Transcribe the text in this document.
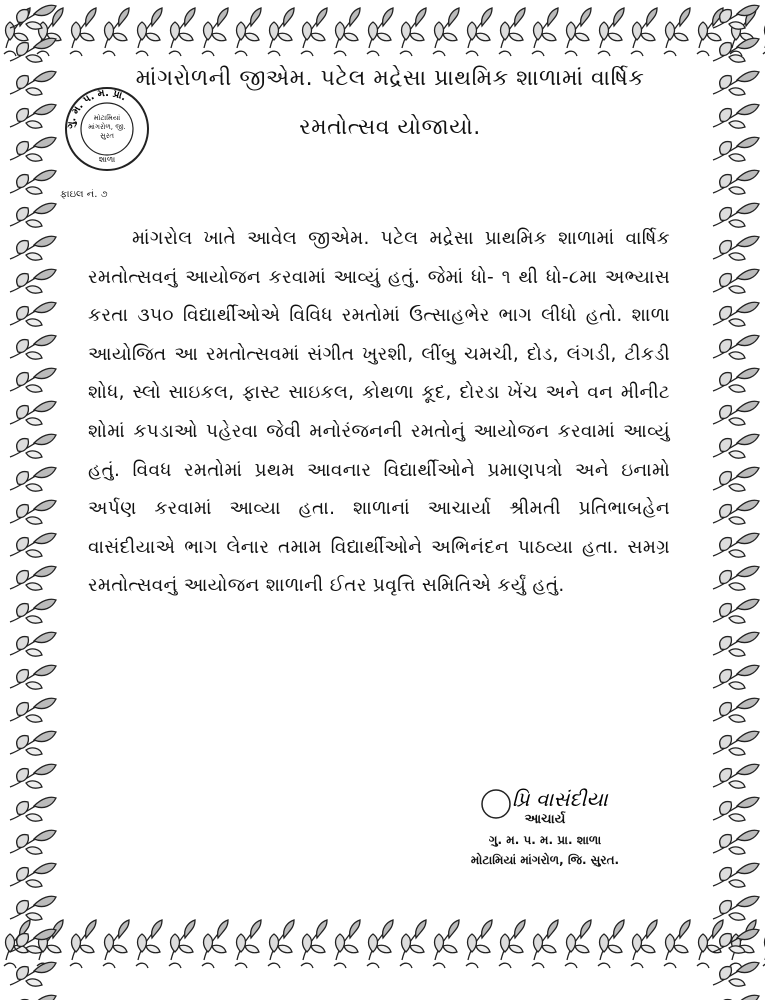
ગુ. મ. પ. મ. પ્રા.
શાળા
મોટામિયાં માંગરોળ, જી. સુરત
ફાઇલ નં. ૭
માંગરોળની જીએમ. પટેલ મદ્રેસા પ્રાથમિક શાળામાં વાર્ષિક
રમતોત્સવ યોજાયો.
માંગરોલ ખાતે આવેલ જીએમ. પટેલ મદ્રેસા પ્રાથમિક શાળામાં વાર્ષિક રમતોત્સવનું આયોજન કરવામાં આવ્યું હતું. જેમાં ધો- ૧ થી ધો-૮મા અભ્યાસ કરતા ૩૫૦ વિદ્યાર્થીઓએ વિવિધ રમતોમાં ઉત્સાહભેર ભાગ લીધો હતો. શાળા આયોજિત આ રમતોત્સવમાં સંગીત ખુરશી, લીંબુ ચમચી, દોડ, લંગડી, ટીકડી શોધ, સ્લો સાઇકલ, ફાસ્ટ સાઇકલ, કોથળા કૂદ, દોરડા ખેંચ અને વન મીનીટ શોમાં કપડાઓ પહેરવા જેવી મનોરંજનની રમતોનું આયોજન કરવામાં આવ્યું હતું. વિવધ રમતોમાં પ્રથમ આવનાર વિદ્યાર્થીઓને પ્રમાણપત્રો અને ઇનામો અર્પણ કરવામાં આવ્યા હતા. શાળાનાં આચાર્યા શ્રીમતી પ્રતિભાબહેન વાસંદીયાએ ભાગ લેનાર તમામ વિદ્યાર્થીઓને અભિનંદન પાઠવ્યા હતા. સમગ્ર રમતોત્સવનું આયોજન શાળાની ઈતર પ્રવૃત્તિ સમિતિએ કર્યું હતું.
પ્રિ વાસંદીયા
આચાર્ય
ગુ. મ. પ. મ. પ્રા. શાળા
મોટામિયાં માંગરોળ, જિ. સુરત.
